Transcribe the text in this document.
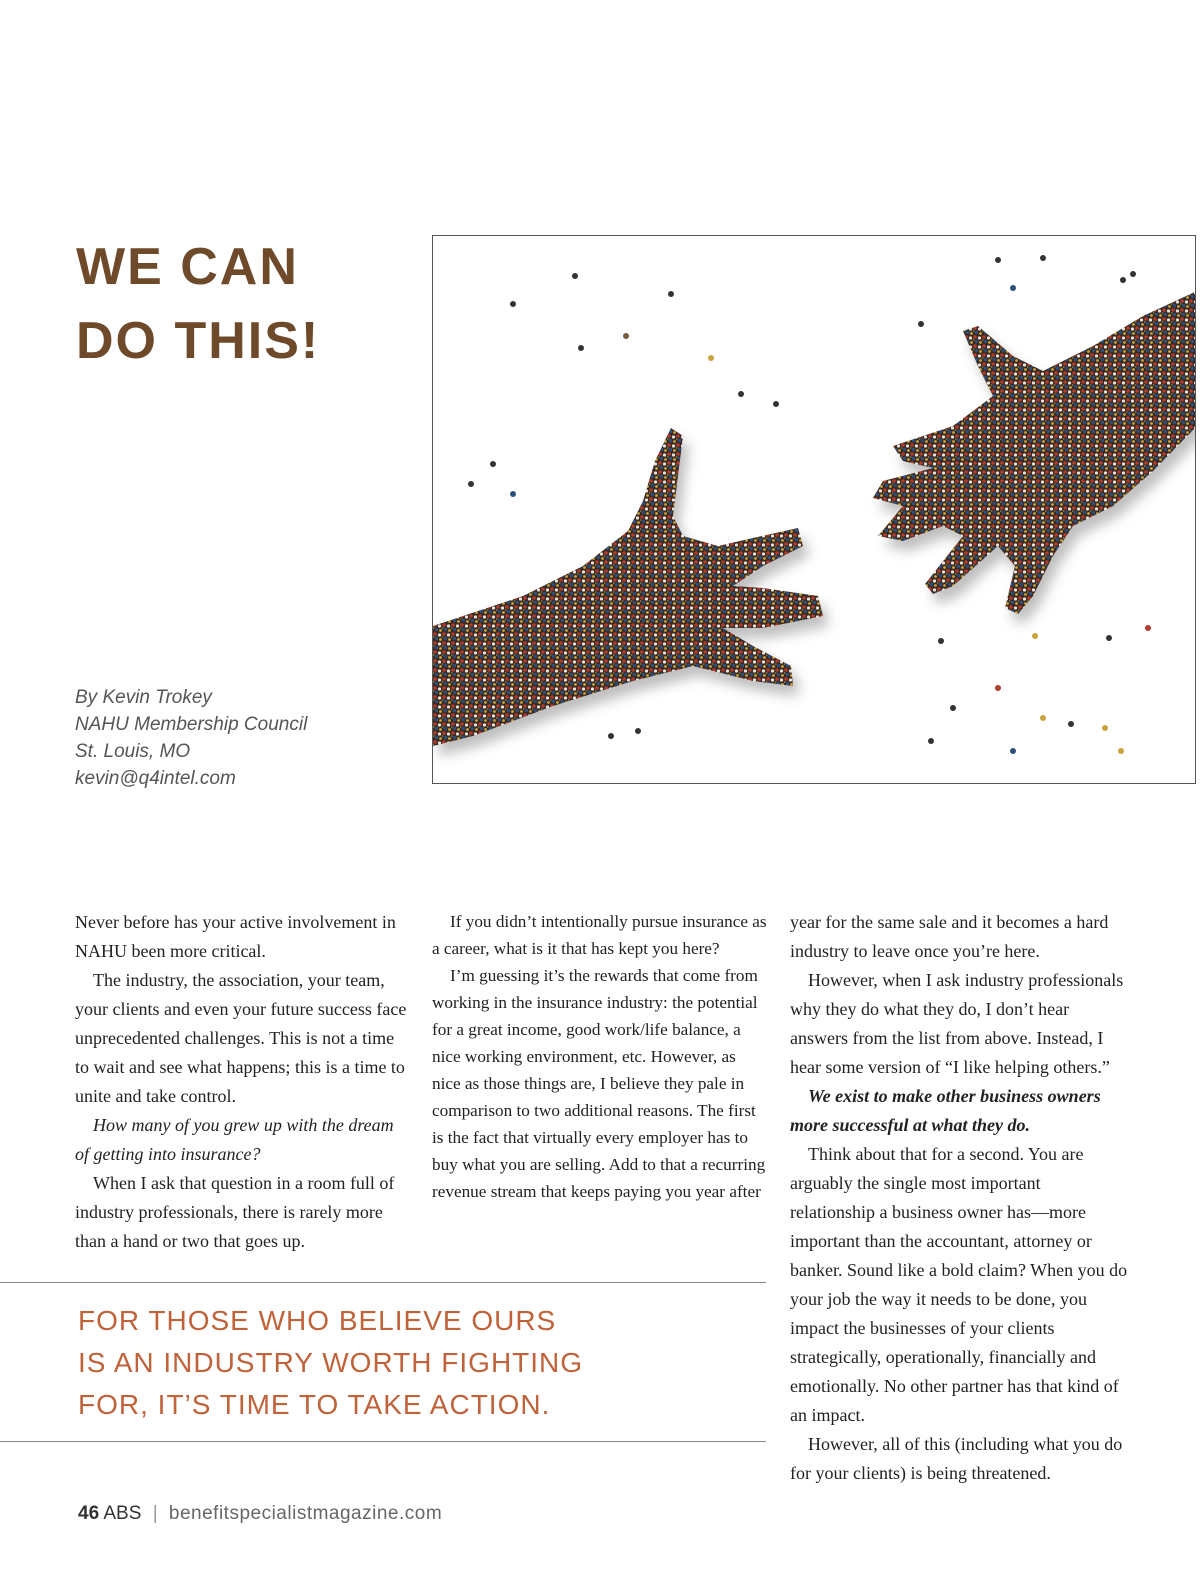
WE CAN
DO THIS!
By Kevin Trokey
NAHU Membership Council
St. Louis, MO
kevin@q4intel.com

Never before has your active involvement in NAHU been more critical.

The industry, the association, your team, your clients and even your future success face unprecedented challenges. This is not a time to wait and see what happens; this is a time to unite and take control.

How many of you grew up with the dream of getting into insurance?

When I ask that question in a room full of industry professionals, there is rarely more than a hand or two that goes up.

If you didn’t intentionally pursue insurance as a career, what is it that has kept you here?

I’m guessing it’s the rewards that come from working in the insurance industry: the potential for a great income, good work/life balance, a nice working environment, etc. However, as nice as those things are, I believe they pale in comparison to two additional reasons. The first is the fact that virtually every employer has to buy what you are selling. Add to that a recurring revenue stream that keeps paying you year after

year for the same sale and it becomes a hard industry to leave once you’re here.

However, when I ask industry professionals why they do what they do, I don’t hear answers from the list from above. Instead, I hear some version of “I like helping others.”

We exist to make other business owners more successful at what they do.

Think about that for a second. You are arguably the single most important relationship a business owner has—more important than the accountant, attorney or banker. Sound like a bold claim? When you do your job the way it needs to be done, you impact the businesses of your clients strategically, operationally, financially and emotionally. No other partner has that kind of an impact.

However, all of this (including what you do for your clients) is being threatened.

FOR THOSE WHO BELIEVE OURS
IS AN INDUSTRY WORTH FIGHTING
FOR, IT’S TIME TO TAKE ACTION.
46 ABS | benefitspecialistmagazine.com
